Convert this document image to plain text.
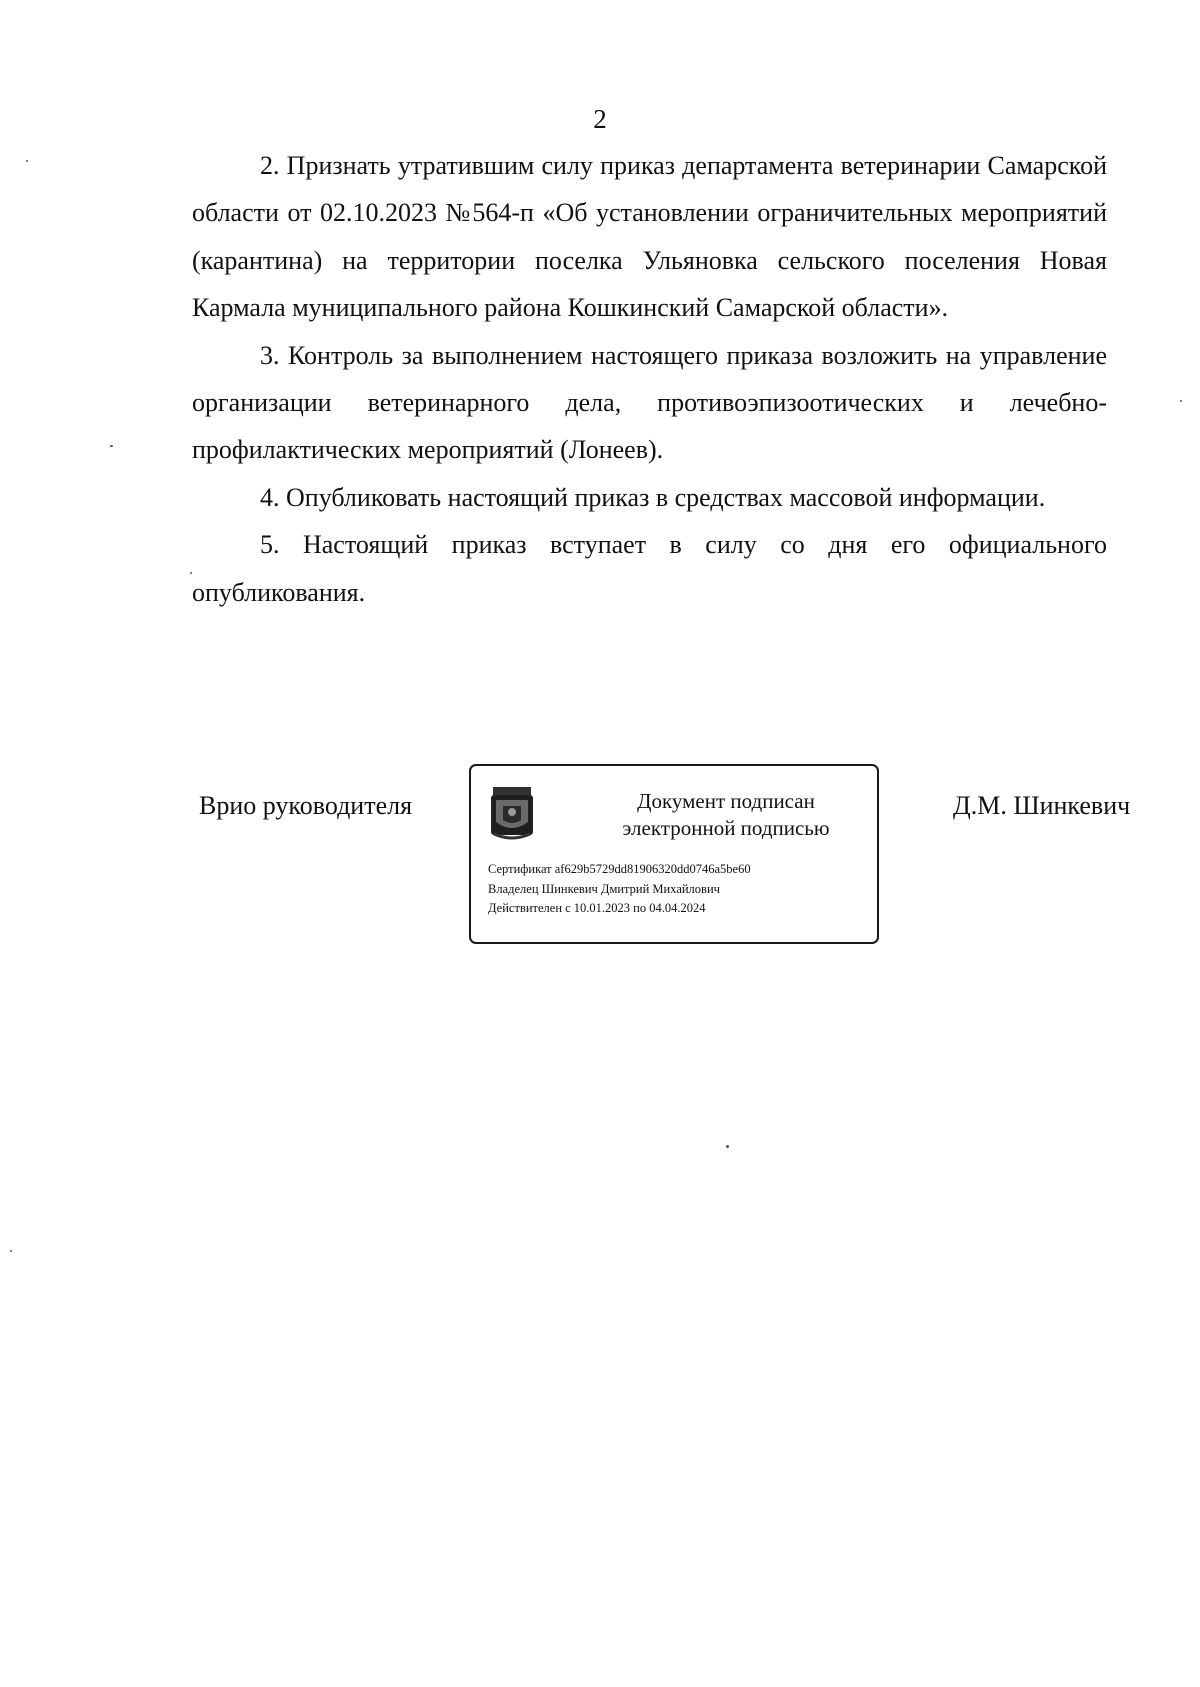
2

2. Признать утратившим силу приказ департамента ветеринарии Самарской области от 02.10.2023 №564-п «Об установлении ограничительных мероприятий (карантина) на территории поселка Ульяновка сельского поселения Новая Кармала муниципального района Кошкинский Самарской области».

3. Контроль за выполнением настоящего приказа возложить на управление организации ветеринарного дела, противоэпизоотических и лечебно-профилактических мероприятий (Лонеев).

4. Опубликовать настоящий приказ в средствах массовой информации.

5. Настоящий приказ вступает в силу со дня его официального опубликования.

Врио руководителя	Документ подписан
электронной подписью
Сертификат af629b5729dd81906320dd0746a5be60
Владелец Шинкевич Дмитрий Михайлович
Действителен с 10.01.2023 по 04.04.2024
Д.М. Шинкевич
